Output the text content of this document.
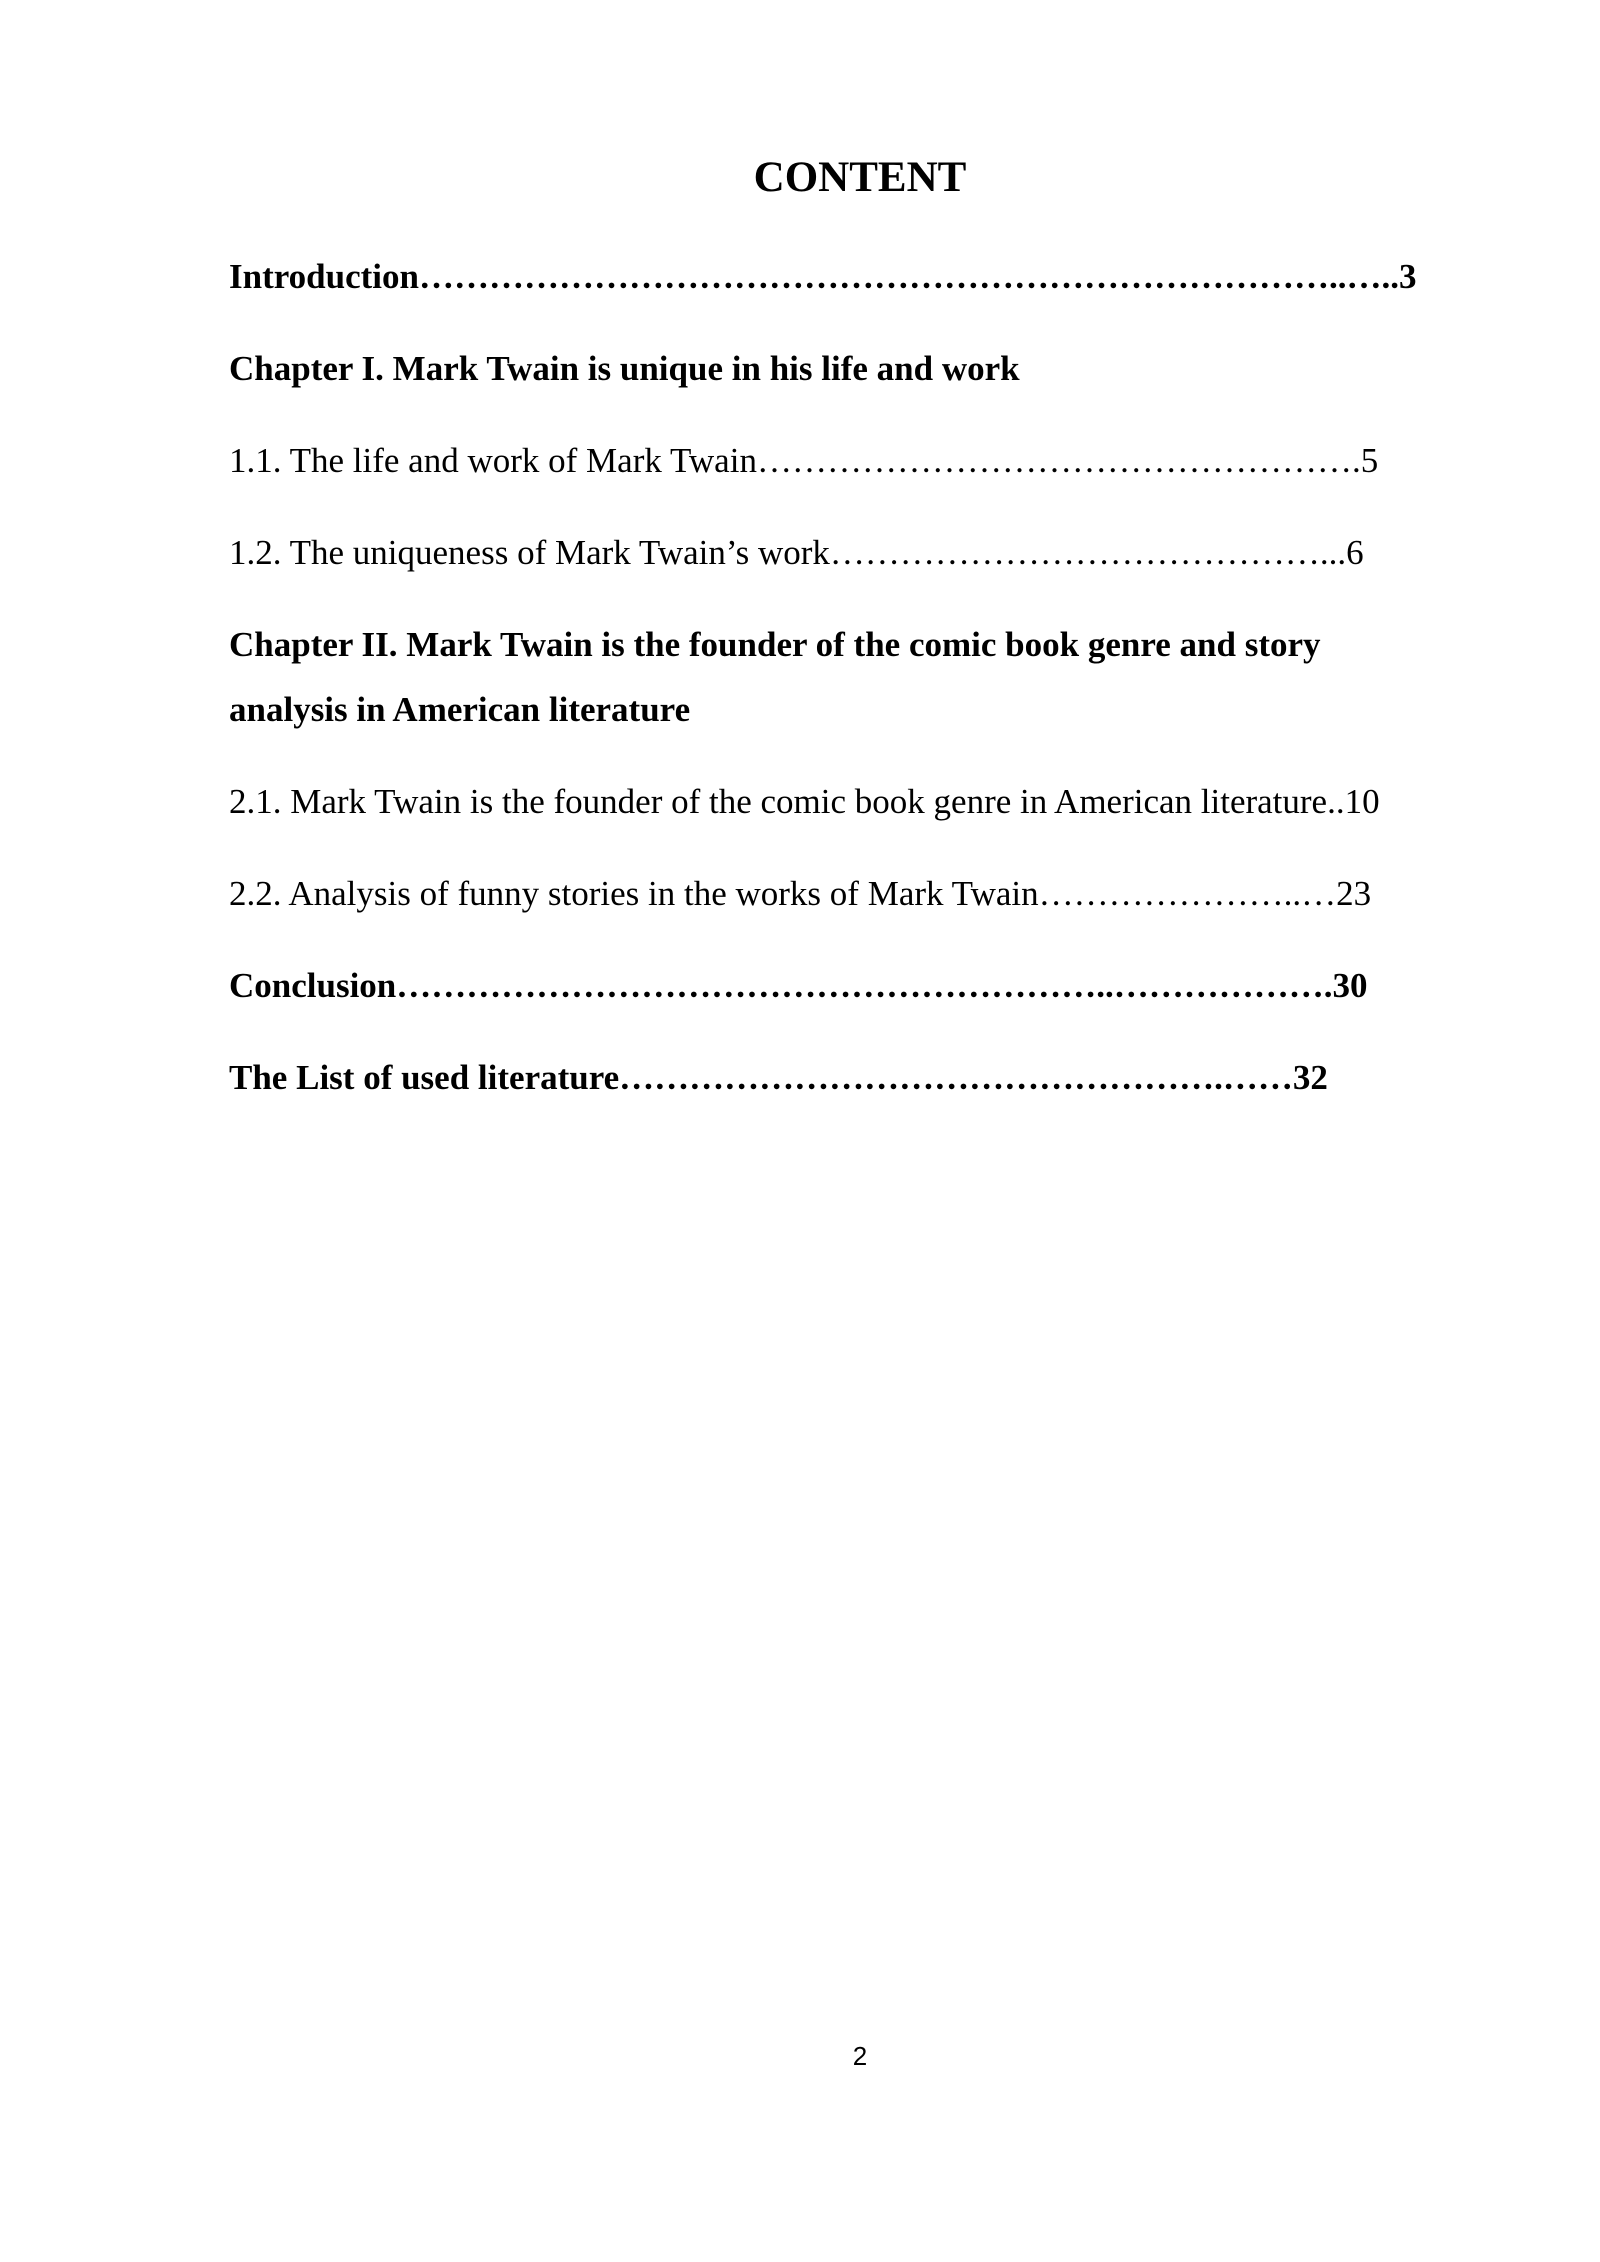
CONTENT
Introduction……………………………………………………………………..…..3
Chapter I. Mark Twain is unique in his life and work
1.1. The life and work of Mark Twain…………………………………………….5
1.2. The uniqueness of Mark Twain’s work……………………………………...6
Chapter II. Mark Twain is the founder of the comic book genre and story
analysis in American literature
2.1. Mark Twain is the founder of the comic book genre in American literature..10
2.2. Analysis of funny stories in the works of Mark Twain…………………..…23
Conclusion……………………………………………………..……………….30
The List of used literature…………………………………………….……32
2
